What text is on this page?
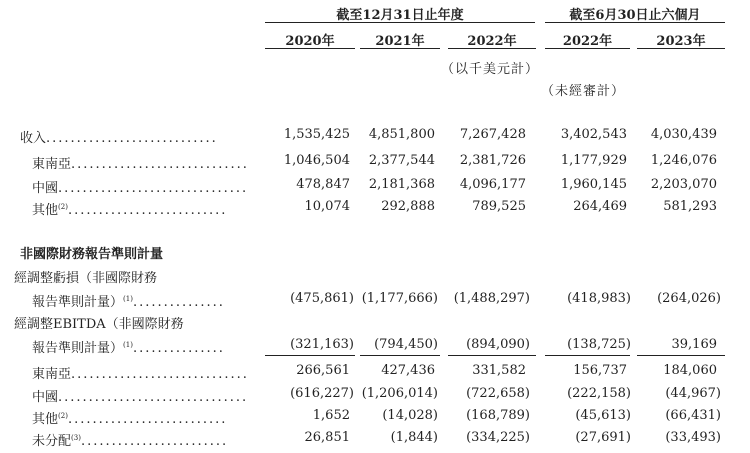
截至12月31日止年度	截至6月30日止六個月
2020年	2021年	2022年	2022年	2023年
（以千美元計）
（未經審計）
收入............................	1,535,425 4,851,800 7,267,428	3,402,543 4,030,439
東南亞.............................	1,046,504 2,377,544 2,381,726	1,177,929 1,246,076
中國...............................	478,847 2,181,368 4,096,177	1,960,145 2,203,070
其他$^{(2)}$..........................	10,074 292,888	789,525	264,469	581,293
非國際財務報告準則計量
經調整虧損（非國際財務
報告準則計量）$^{(1)}$...............	(475,861) (1,177,666) (1,488,297)	(418,983) (264,026)
經調整EBITDA（非國際財務
報告準則計量）$^{(1)}$...............	(321,163) (794,450) (894,090)	(138,725)	39,169
東南亞.............................	266,561 427,436	331,582	156,737	184,060
中國...............................	(616,227) (1,206,014) (722,658)	(222,158)	(44,967)
其他$^{(2)}$..........................	1,652 (14,028) (168,789)	(45,613)	(66,431)
未分配$^{(3)}$........................	26,851	(1,844) (334,225)	(27,691)	(33,493)
